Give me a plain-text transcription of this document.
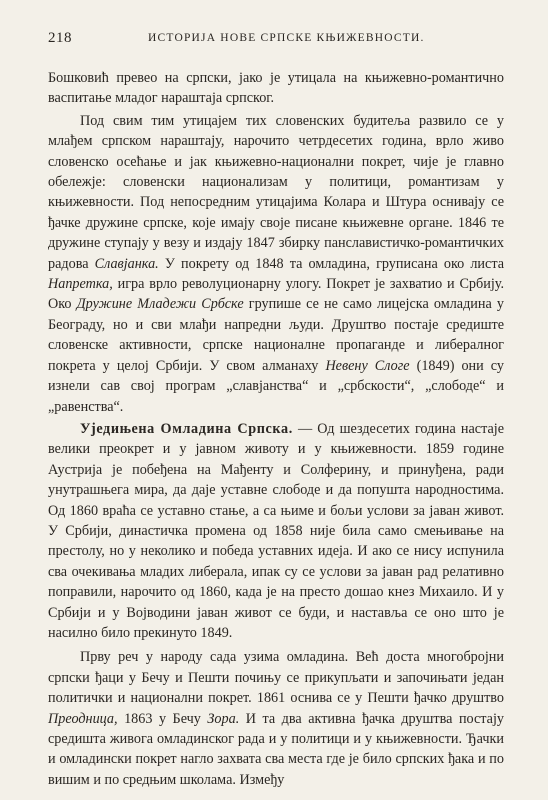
218	ИСТОРИЈА НОВЕ СРПСКЕ КЊИЖЕВНОСТИ.

Бошковић превео на српски, јако је утицала на књижевно-романтично васпитање младог нараштаја српског.

Под свим тим утицајем тих словенских будитеља развило се у млађем српском нараштају, нарочито четрдесетих година, врло живо словенско осећање и јак књижевно-национални покрет, чије је главно обележје: словенски национализам у политици, романтизам у књижевности. Под непосредним утицајима Колара и Штура оснивају се ђачке дружине српске, које имају своје писане књижевне органе. 1846 те дружине ступају у везу и издају 1847 збирку панславистичко-романтичких радова Славјанка. У покрету од 1848 та омладина, груписана око листа Напретка, игра врло револуционарну улогу. Покрет је захватио и Србију. Око Дружине Младежи Србске групише се не само лицејска омладина у Београду, но и сви млађи напредни људи. Друштво постаје средиште словенске активности, српске националне пропаганде и либералног покрета у целој Србији. У свом алманаху Невену Слоге (1849) они су изнели сав свој програм „славјанства“ и „србскости“, „слободе“ и „равенства“.

Уједињена Омладина Српска. — Од шездесетих година настаје велики преокрет и у јавном животу и у књижевности. 1859 године Аустрија је побеђена на Мађенту и Солферину, и принуђена, ради унутрашњега мира, да даје уставне слободе и да попушта народностима. Од 1860 враћа се уставно стање, а са њиме и бољи услови за јаван живот. У Србији, династичка промена од 1858 није била само смењивање на престолу, но у неколико и победа уставних идеја. И ако се нису испунила сва очекивања младих либерала, ипак су се услови за јаван рад релативно поправили, нарочито од 1860, када је на престо дошао кнез Михаило. И у Србији и у Војводини јаван живот се буди, и наставља се оно што је насилно било прекинуто 1849.

Прву реч у народу сада узима омладина. Већ доста многобројни српски ђаци у Бечу и Пешти почињу се прикупљати и започињати један политички и национални покрет. 1861 оснива се у Пешти ђачко друштво Преодница, 1863 у Бечу Зора. И та два активна ђачка друштва постају средишта живога омладинског рада и у политици и у књижевности. Ђачки и омладински покрет нагло захвата сва места где је било српских ђака и по вишим и по средњим школама. Између
